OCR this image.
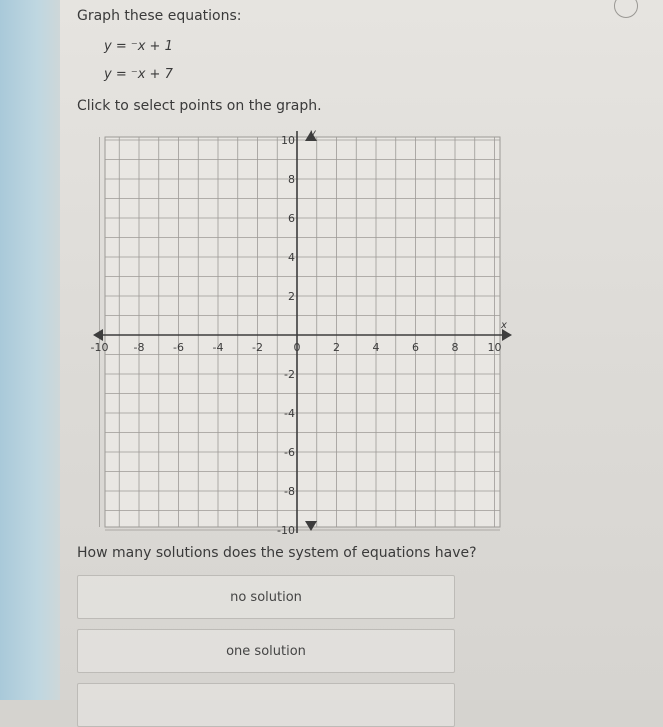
Graph these equations:
y = ⁻x + 1
y = ⁻x + 7
Click to select points on the graph.
x
y
-10 -8	-6	-4	-2	0	2	4	6	8	10
10
8
6
4
2
-2
-4
-6
-8
-10
How many solutions does the system of equations have?
no solution
one solution
